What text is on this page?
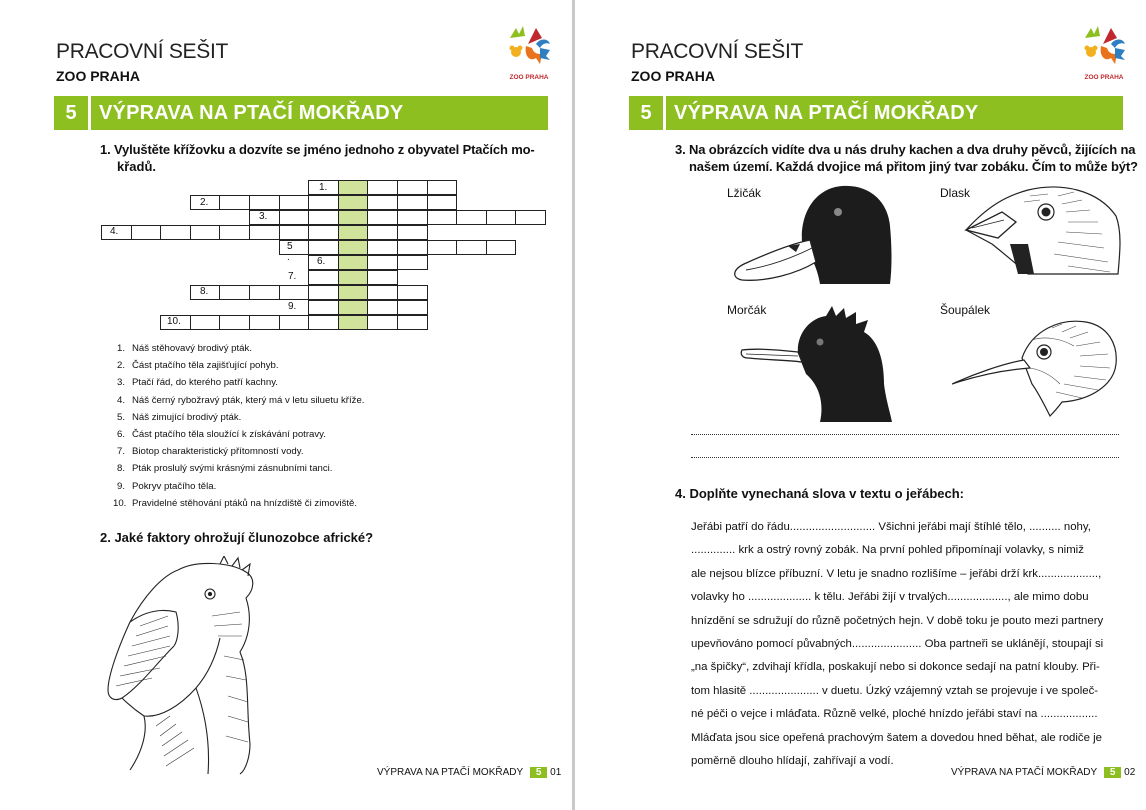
PRACOVNÍ SEŠIT
ZOO PRAHA	ZOO PRAHA
5	VÝPRAVA NA PTAČÍ MOKŘADY
1. Vyluštěte křížovku a dozvíte se jméno jednoho z obyvatel Ptačích mo-
křadů.
1.
2.
3.
4.
5 .	6.
7.
8.
9.
10.
1. Náš stěhovavý brodivý pták.
2. Část ptačího těla zajišťující pohyb.
3. Ptačí řád, do kterého patří kachny.
4. Náš černý rybožravý pták, který má v letu siluetu kříže.
5. Náš zimující brodivý pták.
6. Část ptačího těla sloužící k získávání potravy.
7. Biotop charakteristický přítomností vody.
8. Pták proslulý svými krásnými zásnubními tanci.
9. Pokryv ptačího těla.
10. Pravidelné stěhování ptáků na hnízdiště či zimoviště.
2. Jaké faktory ohrožují člunozobce africké?
VÝPRAVA NA PTAČÍ MOKŘADY 5 01
PRACOVNÍ SEŠIT
ZOO PRAHA	ZOO PRAHA
5	VÝPRAVA NA PTAČÍ MOKŘADY
3. Na obrázcích vidíte dva u nás druhy kachen a dva druhy pěvců, žijících na
našem území. Každá dvojice má přitom jiný tvar zobáku. Čím to může být?
Lžičák	Dlask
Morčák	Šoupálek
4. Doplňte vynechaná slova v textu o jeřábech:
Jeřábi patří do řádu........................... Všichni jeřábi mají štíhlé tělo, .......... nohy,
.............. krk a ostrý rovný zobák. Na první pohled připomínají volavky, s nimiž
ale nejsou blízce příbuzní. V letu je snadno rozlišíme – jeřábi drží krk...................,
volavky ho .................... k tělu. Jeřábi žijí v trvalých..................., ale mimo dobu
hnízdění se sdružují do různě početných hejn. V době toku je pouto mezi partnery
upevňováno pomocí půvabných...................... Oba partneři se uklánějí, stoupají si
„na špičky“, zdvihají křídla, poskakují nebo si dokonce sedají na patní klouby. Při-
tom hlasitě ...................... v duetu. Úzký vzájemný vztah se projevuje i ve společ-
né péči o vejce i mláďata. Různě velké, ploché hnízdo jeřábi staví na ..................
Mláďata jsou sice opeřená prachovým šatem a dovedou hned běhat, ale rodiče je
poměrně dlouho hlídají, zahřívají a vodí.
VÝPRAVA NA PTAČÍ MOKŘADY 5 02
